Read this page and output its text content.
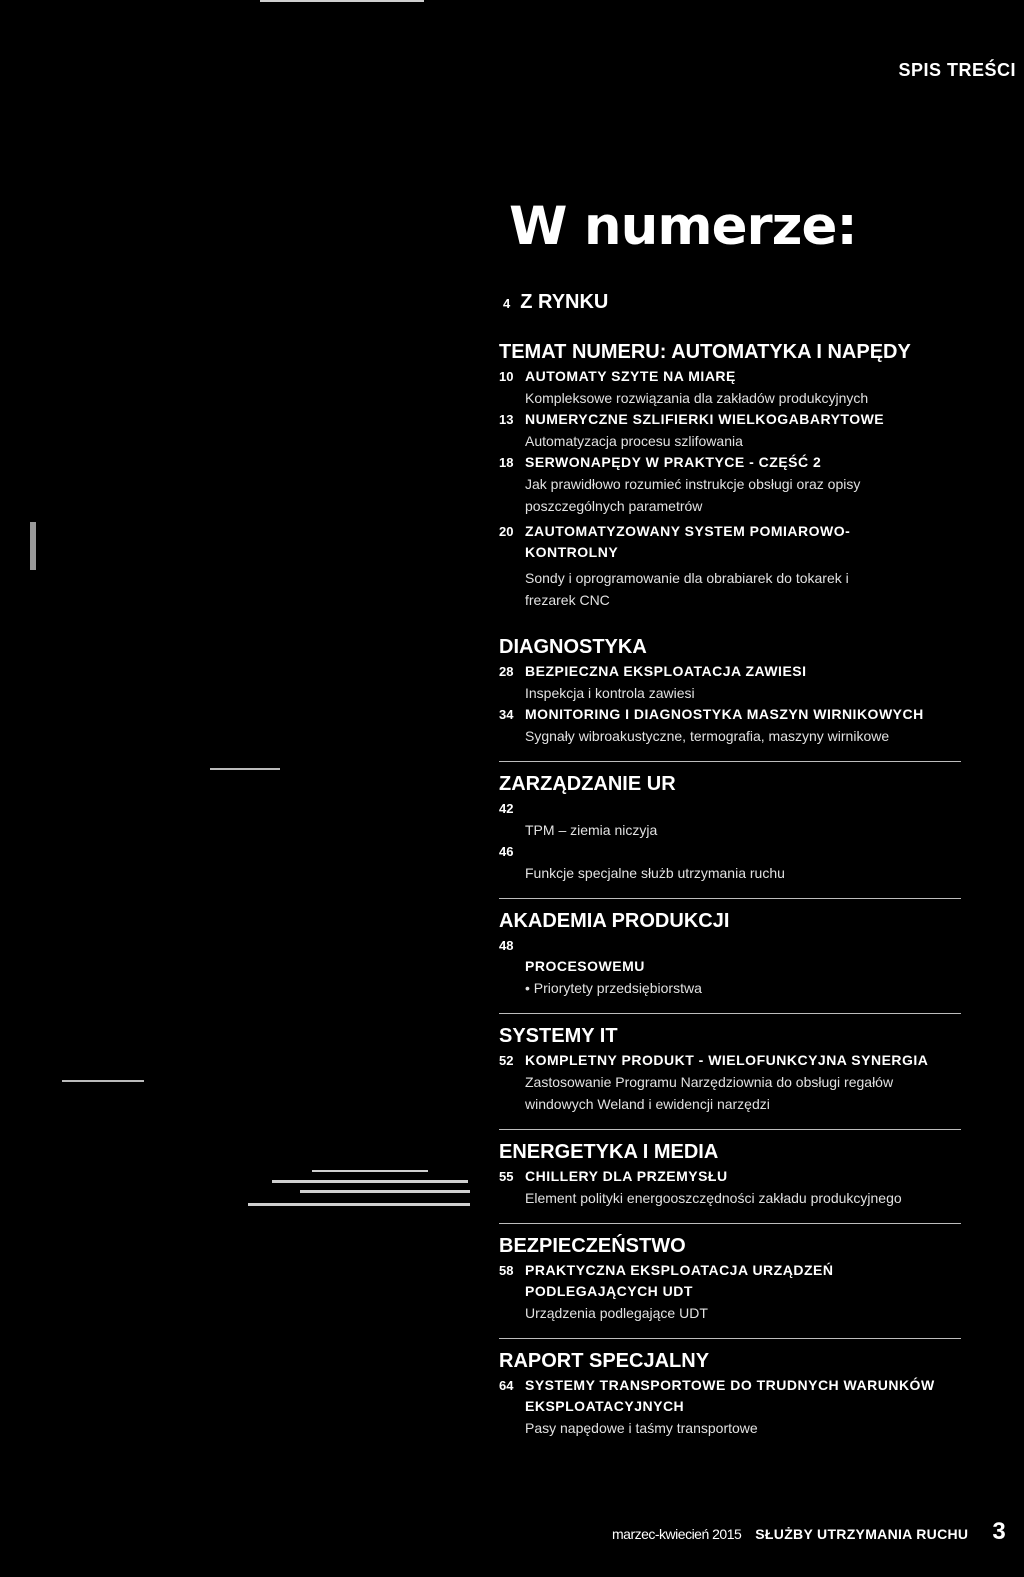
SPIS TREŚCI
W numerze:
4 Z RYNKU
TEMAT NUMERU: AUTOMATYKA I NAPĘDY
10 AUTOMATY SZYTE NA MIARĘ
Kompleksowe rozwiązania dla zakładów produkcyjnych
13 NUMERYCZNE SZLIFIERKI WIELKOGABARYTOWE
Automatyzacja procesu szlifowania
18 SERWONAPĘDY W PRAKTYCE - CZĘŚĆ 2
Jak prawidłowo rozumieć instrukcje obsługi oraz opisy poszczególnych parametrów
20 ZAUTOMATYZOWANY SYSTEM POMIAROWO-KONTROLNY
Sondy i oprogramowanie dla obrabiarek do tokarek i frezarek CNC
DIAGNOSTYKA
28 BEZPIECZNA EKSPLOATACJA ZAWIESI
Inspekcja i kontrola zawiesi
34 MONITORING I DIAGNOSTYKA MASZYN WIRNIKOWYCH
Sygnały wibroakustyczne, termografia, maszyny wirnikowe
ZARZĄDZANIE UR
42
TPM – ziemia niczyja
46
Funkcje specjalne służb utrzymania ruchu
AKADEMIA PRODUKCJI
48
PROCESOWEMU
• Priorytety przedsiębiorstwa
SYSTEMY IT
52 KOMPLETNY PRODUKT - WIELOFUNKCYJNA SYNERGIA
Zastosowanie Programu Narzędziownia do obsługi regałów windowych Weland i ewidencji narzędzi
ENERGETYKA I MEDIA
55 CHILLERY DLA PRZEMYSŁU
Element polityki energooszczędności zakładu produkcyjnego
BEZPIECZEŃSTWO
58 PRAKTYCZNA EKSPLOATACJA URZĄDZEŃ PODLEGAJĄCYCH UDT
Urządzenia podlegające UDT
RAPORT SPECJALNY
64 SYSTEMY TRANSPORTOWE DO TRUDNYCH WARUNKÓW EKSPLOATACYJNYCH
Pasy napędowe i taśmy transportowe
marzec-kwiecień 2015 SŁUŻBY UTRZYMANIA RUCHU 3
